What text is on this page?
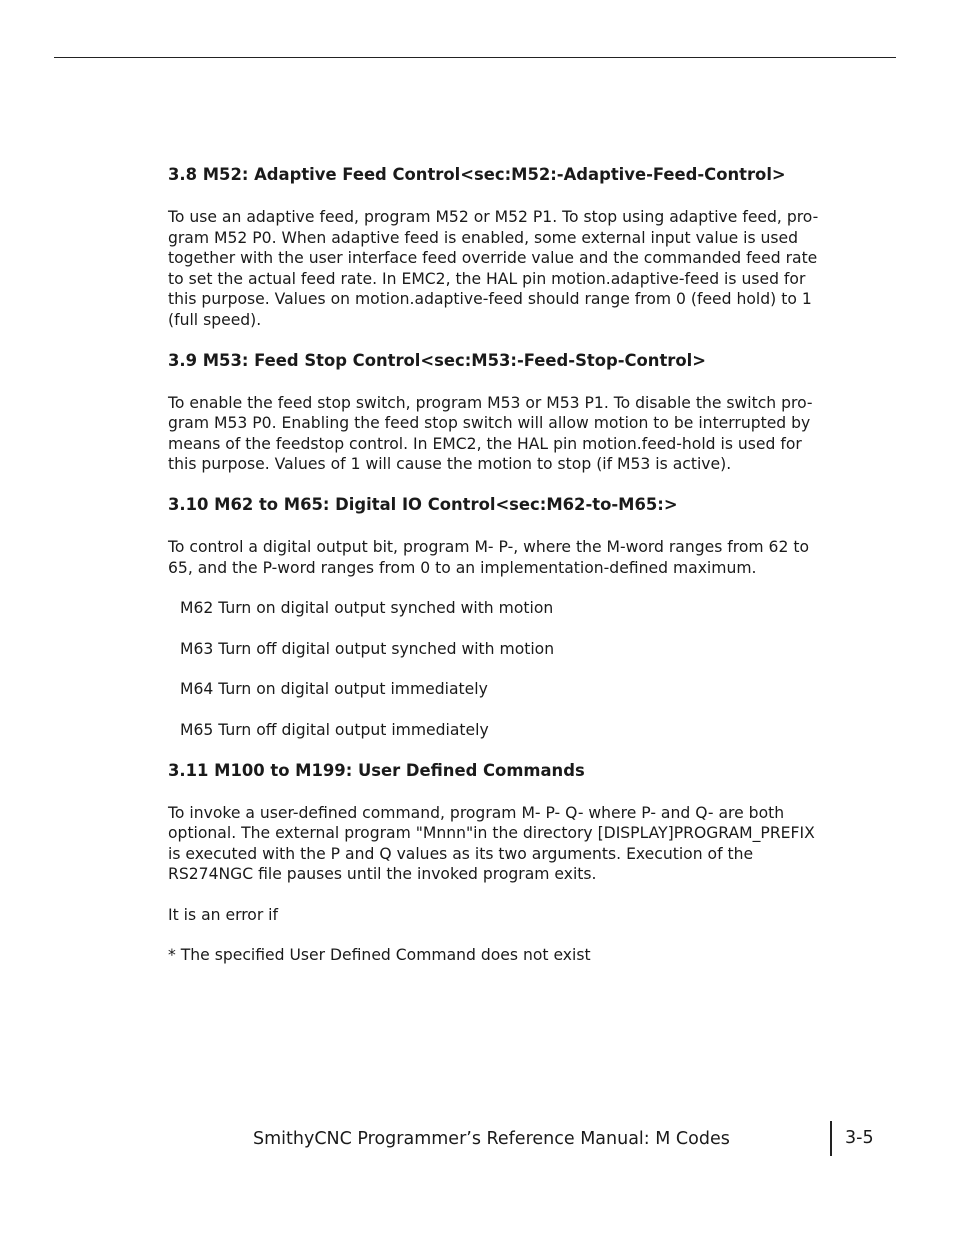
3.8 M52: Adaptive Feed Control<sec:M52:-Adaptive-Feed-Control>
To use an adaptive feed, program M52 or M52 P1. To stop using adaptive feed, pro-
gram M52 P0. When adaptive feed is enabled, some external input value is used
together with the user interface feed override value and the commanded feed rate
to set the actual feed rate. In EMC2, the HAL pin motion.adaptive-feed is used for
this purpose. Values on motion.adaptive-feed should range from 0 (feed hold) to 1
(full speed).
3.9 M53: Feed Stop Control<sec:M53:-Feed-Stop-Control>
To enable the feed stop switch, program M53 or M53 P1. To disable the switch pro-
gram M53 P0. Enabling the feed stop switch will allow motion to be interrupted by
means of the feedstop control. In EMC2, the HAL pin motion.feed-hold is used for
this purpose. Values of 1 will cause the motion to stop (if M53 is active).
3.10 M62 to M65: Digital IO Control<sec:M62-to-M65:>
To control a digital output bit, program M- P-, where the M-word ranges from 62 to
65, and the P-word ranges from 0 to an implementation-defined maximum.
M62 Turn on digital output synched with motion
M63 Turn off digital output synched with motion
M64 Turn on digital output immediately
M65 Turn off digital output immediately
3.11 M100 to M199: User Defined Commands
To invoke a user-defined command, program M- P- Q- where P- and Q- are both
optional. The external program "Mnnn"in the directory [DISPLAY]PROGRAM_PREFIX
is executed with the P and Q values as its two arguments. Execution of the
RS274NGC file pauses until the invoked program exits.
It is an error if
* The specified User Defined Command does not exist
SmithyCNC Programmer’s Reference Manual: M Codes	3-5
